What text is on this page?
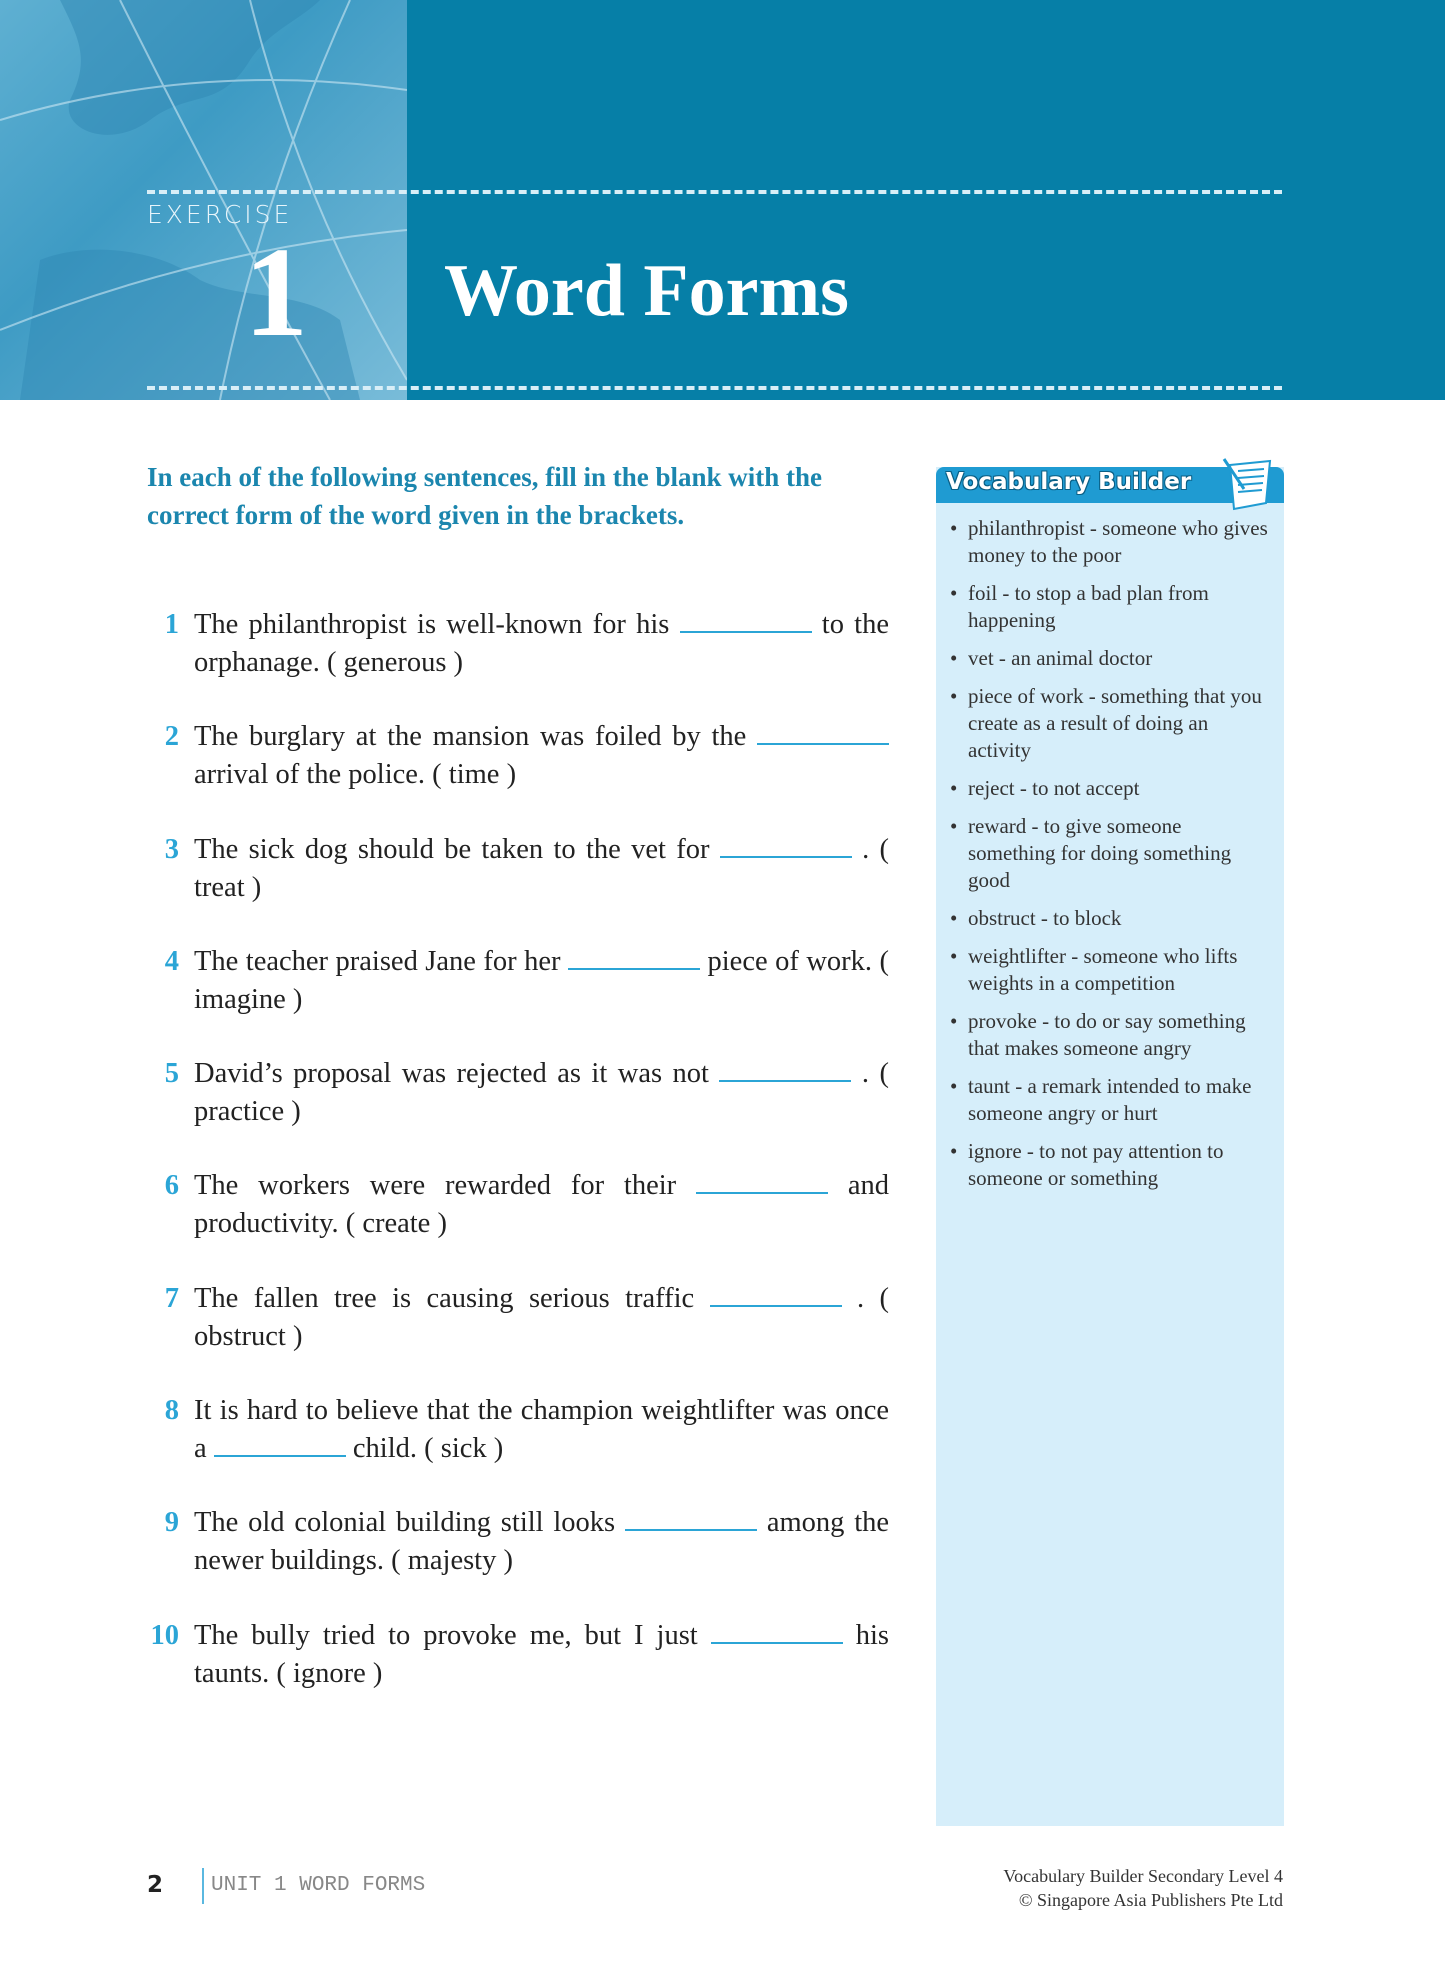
EXERCISE
1 Word Forms
In each of the following sentences, fill in the blank with the correct form of the word given in the brackets.
1 The philanthropist is well-known for his	to the orphanage. ( generous )
2 The burglary at the mansion was foiled by the  arrival of the police. ( time )
3 The sick dog should be taken to the vet for	. ( treat )
4 The teacher praised Jane for her	piece of work. ( imagine )
5 David’s proposal was rejected as it was not	. ( practice )
6 The workers were rewarded for their	and productivity. ( create )
7 The fallen tree is causing serious traffic	. ( obstruct )
8 It is hard to believe that the champion weightlifter was once a	child. ( sick )
9 The old colonial building still looks	among the newer buildings. ( majesty )
10 The bully tried to provoke me, but I just	his taunts. ( ignore )
Vocabulary Builder
• philanthropist - someone who gives money to the poor
• foil - to stop a bad plan from happening
• vet - an animal doctor
• piece of work - something that you create as a result of doing an activity
• reject - to not accept
• reward - to give someone something for doing something good
• obstruct - to block
• weightlifter - someone who lifts weights in a competition
• provoke - to do or say something that makes someone angry
• taunt - a remark intended to make someone angry or hurt
• ignore - to not pay attention to someone or something
2 UNIT 1 WORD FORMS	Vocabulary Builder Secondary Level 4
© Singapore Asia Publishers Pte Ltd
